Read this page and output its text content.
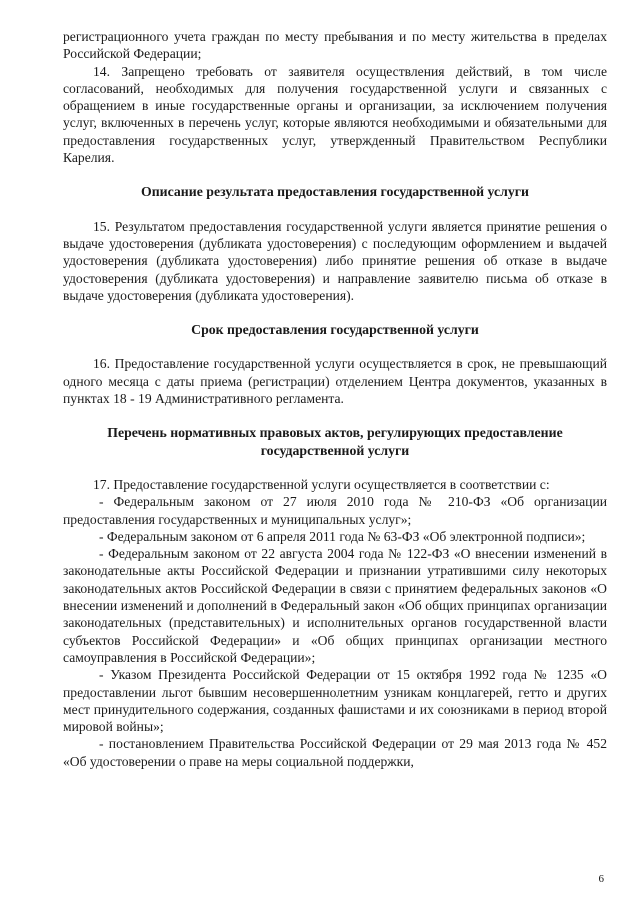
регистрационного учета граждан по месту пребывания и по месту жительства в пределах Российской Федерации;

14. Запрещено требовать от заявителя осуществления действий, в том числе согласований, необходимых для получения государственной услуги и связанных с обращением в иные государственные органы и организации, за исключением получения услуг, включенных в перечень услуг, которые являются необходимыми и обязательными для предоставления государственных услуг, утвержденный Правительством Республики Карелия.

Описание результата предоставления государственной услуги

15. Результатом предоставления государственной услуги является принятие решения о выдаче удостоверения (дубликата удостоверения) с последующим оформлением и выдачей удостоверения (дубликата удостоверения) либо принятие решения об отказе в выдаче удостоверения (дубликата удостоверения) и направление заявителю письма об отказе в выдаче удостоверения (дубликата удостоверения).

Срок предоставления государственной услуги

16. Предоставление государственной услуги осуществляется в срок, не превышающий одного месяца с даты приема (регистрации) отделением Центра документов, указанных в пунктах 18 - 19 Административного регламента.

Перечень нормативных правовых актов, регулирующих предоставление государственной услуги

17. Предоставление государственной услуги осуществляется в соответствии с:

- Федеральным законом от 27 июля 2010 года № 210-ФЗ «Об организации предоставления государственных и муниципальных услуг»;

- Федеральным законом от 6 апреля 2011 года № 63-ФЗ «Об электронной подписи»;

- Федеральным законом от 22 августа 2004 года № 122-ФЗ «О внесении изменений в законодательные акты Российской Федерации и признании утратившими силу некоторых законодательных актов Российской Федерации в связи с принятием федеральных законов «О внесении изменений и дополнений в Федеральный закон «Об общих принципах организации законодательных (представительных) и исполнительных органов государственной власти субъектов Российской Федерации» и «Об общих принципах организации местного самоуправления в Российской Федерации»;

- Указом Президента Российской Федерации от 15 октября 1992 года № 1235 «О предоставлении льгот бывшим несовершеннолетним узникам концлагерей, гетто и других мест принудительного содержания, созданных фашистами и их союзниками в период второй мировой войны»;

- постановлением Правительства Российской Федерации от 29 мая 2013 года № 452 «Об удостоверении о праве на меры социальной поддержки,

6
